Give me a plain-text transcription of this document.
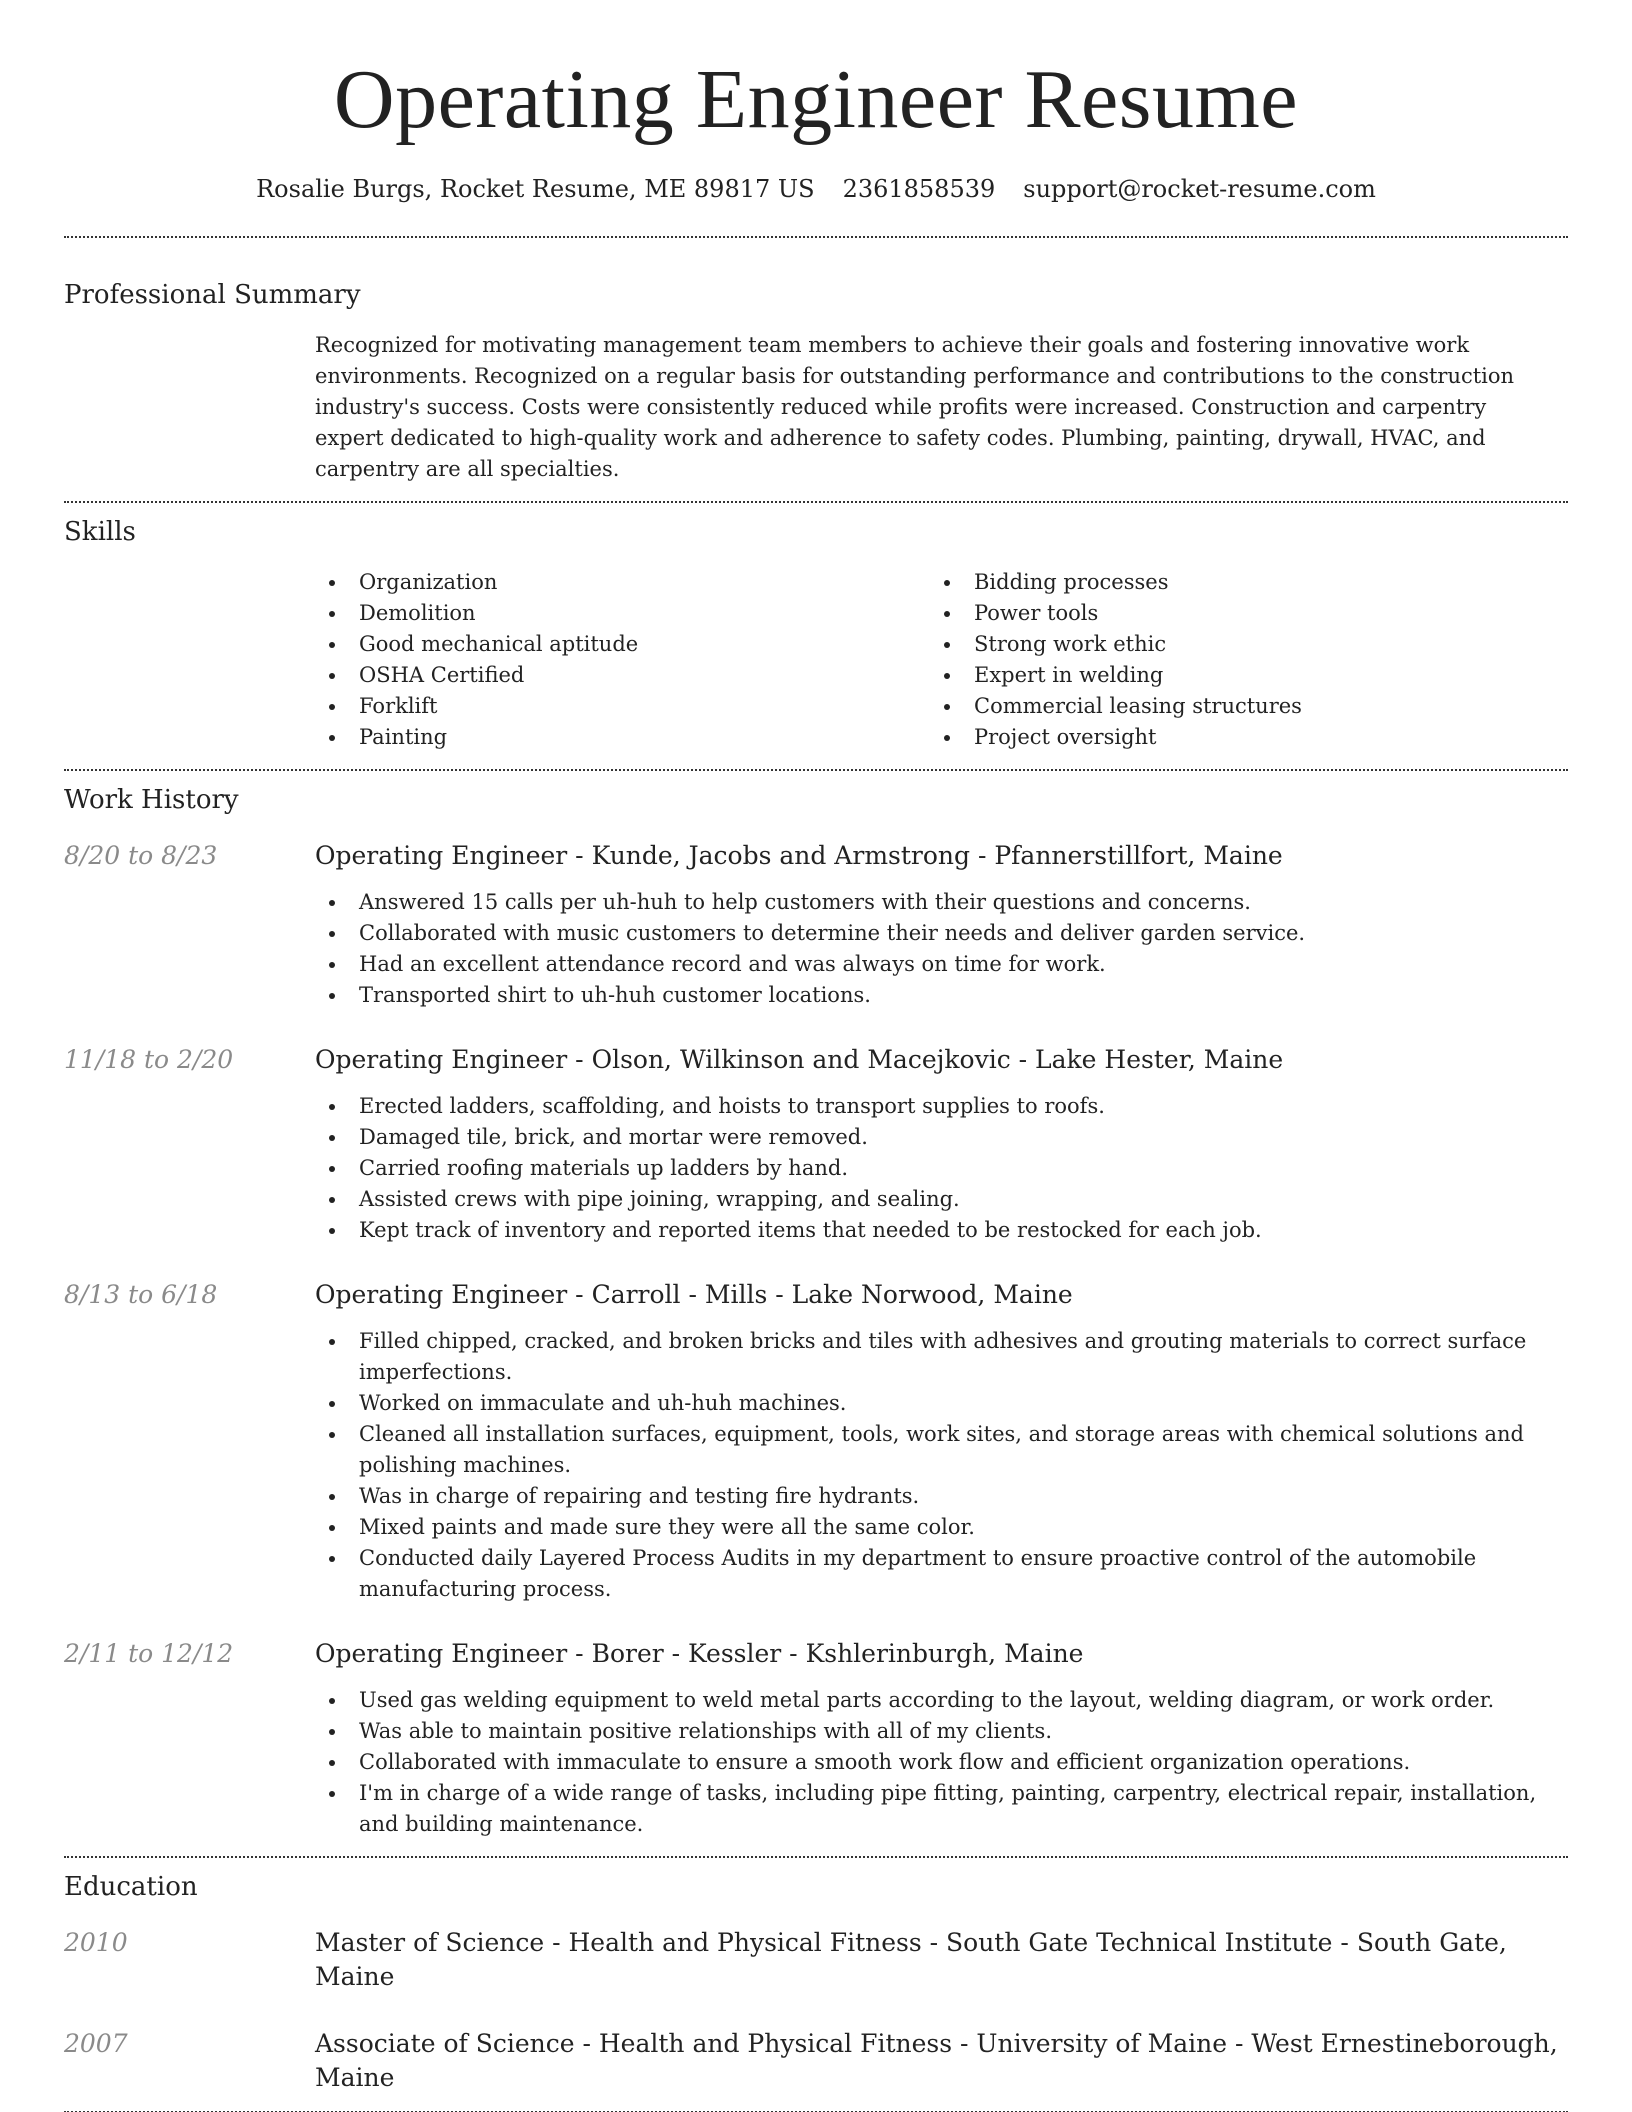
Operating Engineer Resume
Rosalie Burgs, Rocket Resume, ME 89817 US 2361858539 support@rocket-resume.com
Professional Summary
Recognized for motivating management team members to achieve their goals and fostering innovative work environments. Recognized on a regular basis for outstanding performance and contributions to the construction industry's success. Costs were consistently reduced while profits were increased. Construction and carpentry expert dedicated to high-quality work and adherence to safety codes. Plumbing, painting, drywall, HVAC, and carpentry are all specialties.
Skills
Organization
Demolition
Good mechanical aptitude
OSHA Certified
Forklift
Painting
Bidding processes
Power tools
Strong work ethic
Expert in welding
Commercial leasing structures
Project oversight
Work History
8/20 to 8/23	Operating Engineer - Kunde, Jacobs and Armstrong - Pfannerstillfort, Maine
Answered 15 calls per uh-huh to help customers with their questions and concerns.
Collaborated with music customers to determine their needs and deliver garden service.
Had an excellent attendance record and was always on time for work.
Transported shirt to uh-huh customer locations.
11/18 to 2/20	Operating Engineer - Olson, Wilkinson and Macejkovic - Lake Hester, Maine
Erected ladders, scaffolding, and hoists to transport supplies to roofs.
Damaged tile, brick, and mortar were removed.
Carried roofing materials up ladders by hand.
Assisted crews with pipe joining, wrapping, and sealing.
Kept track of inventory and reported items that needed to be restocked for each job.
8/13 to 6/18	Operating Engineer - Carroll - Mills - Lake Norwood, Maine
Filled chipped, cracked, and broken bricks and tiles with adhesives and grouting materials to correct surface imperfections.
Worked on immaculate and uh-huh machines.
Cleaned all installation surfaces, equipment, tools, work sites, and storage areas with chemical solutions and polishing machines.
Was in charge of repairing and testing fire hydrants.
Mixed paints and made sure they were all the same color.
Conducted daily Layered Process Audits in my department to ensure proactive control of the automobile manufacturing process.
2/11 to 12/12	Operating Engineer - Borer - Kessler - Kshlerinburgh, Maine
Used gas welding equipment to weld metal parts according to the layout, welding diagram, or work order.
Was able to maintain positive relationships with all of my clients.
Collaborated with immaculate to ensure a smooth work flow and efficient organization operations.
I'm in charge of a wide range of tasks, including pipe fitting, painting, carpentry, electrical repair, installation, and building maintenance.
Education
2010	Master of Science - Health and Physical Fitness - South Gate Technical Institute - South Gate, Maine
2007	Associate of Science - Health and Physical Fitness - University of Maine - West Ernestineborough, Maine
